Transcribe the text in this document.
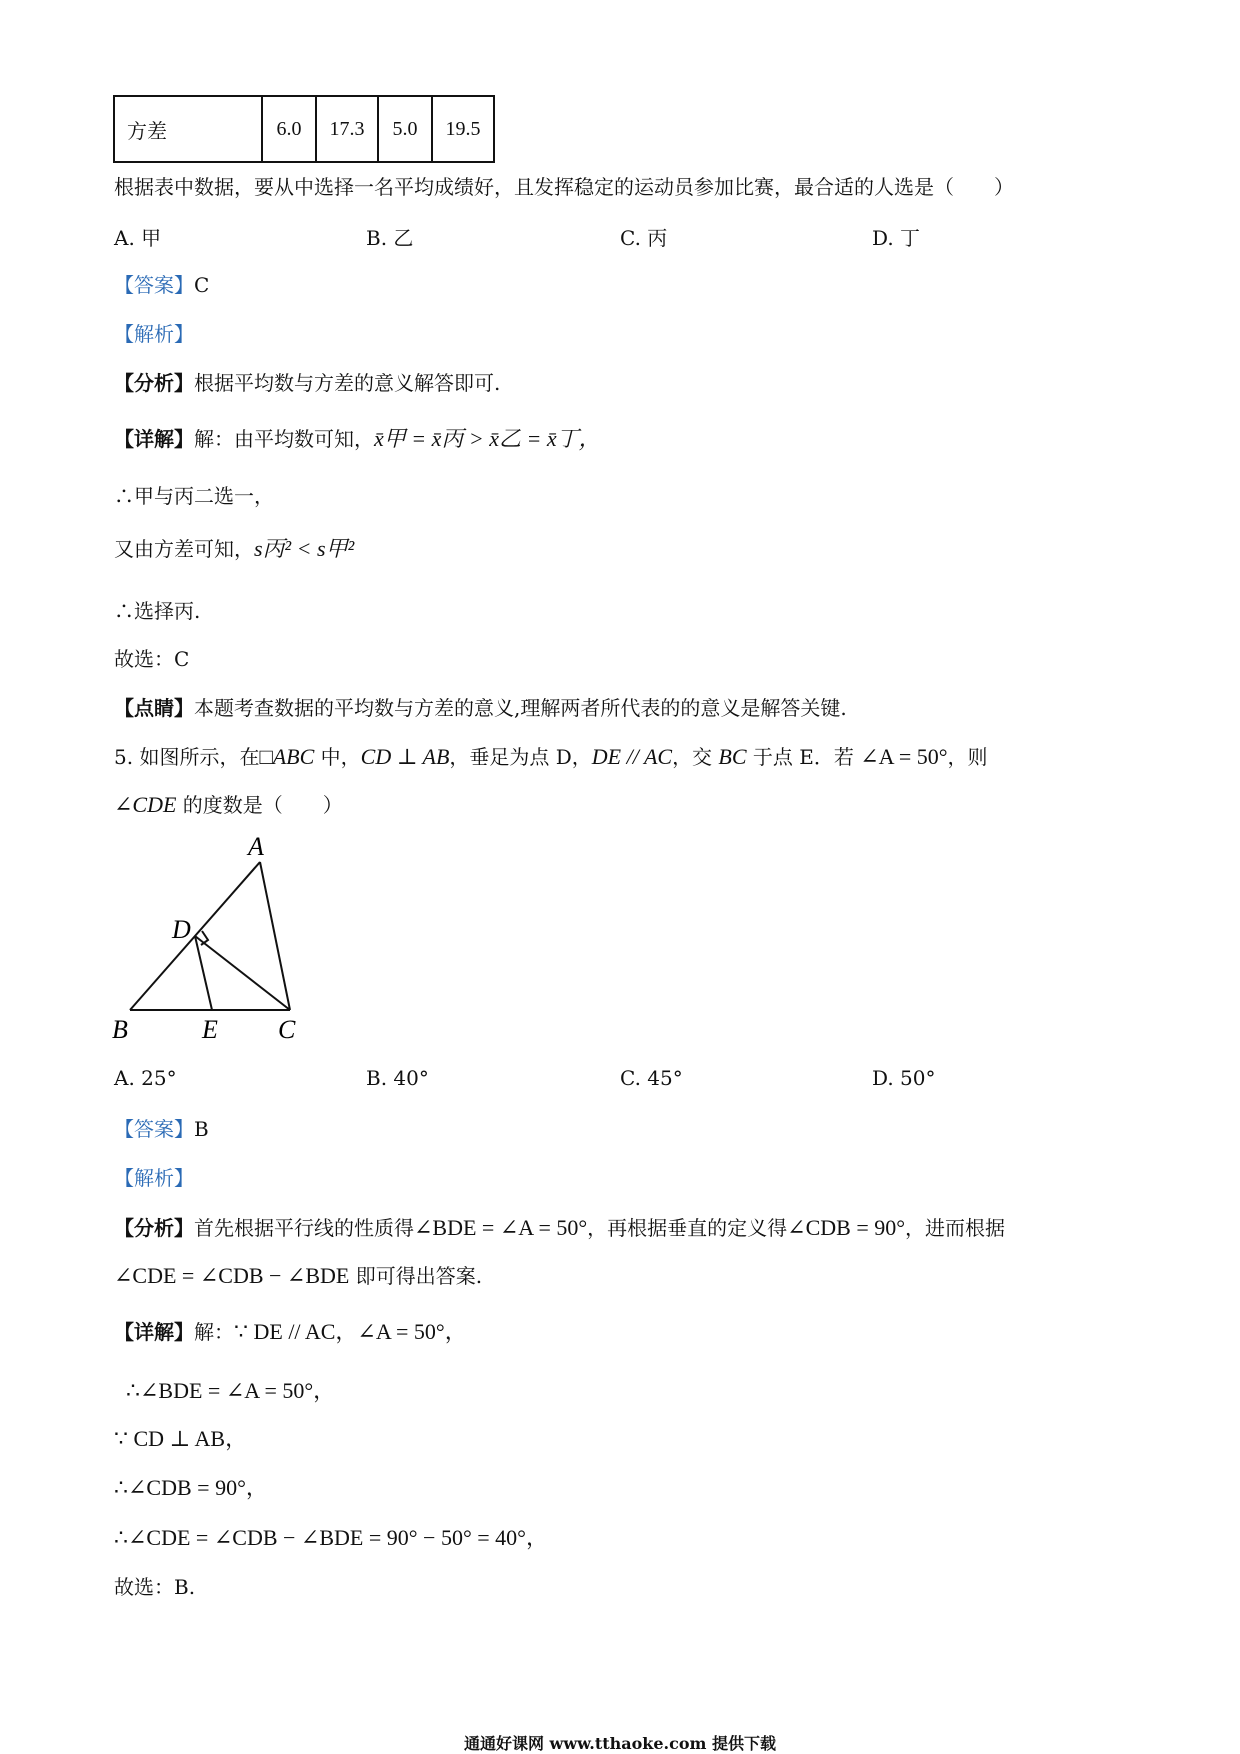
方差	6.0	17.3	5.0	19.5
根据表中数据，要从中选择一名平均成绩好，且发挥稳定的运动员参加比赛，最合适的人选是（　　）
A. 甲	B. 乙	C. 丙	D. 丁
【答案】C
【解析】
【分析】根据平均数与方差的意义解答即可.
【详解】解：由平均数可知，x̄甲 = x̄丙 > x̄乙 = x̄丁，
∴甲与丙二选一，
又由方差可知，s丙² < s甲²
∴选择丙.
故选：C
【点睛】本题考查数据的平均数与方差的意义,理解两者所代表的的意义是解答关键.
5. 如图所示，在□ABC 中，CD ⊥ AB，垂足为点 D，DE // AC，交 BC 于点 E．若 ∠A = 50°，则
∠CDE 的度数是（　　）
A
D
B	E C
A. 25°	B. 40°	C. 45°	D. 50°
【答案】B
【解析】
【分析】首先根据平行线的性质得∠BDE = ∠A = 50°，再根据垂直的定义得∠CDB = 90°，进而根据
∠CDE = ∠CDB − ∠BDE 即可得出答案.
【详解】解：∵ DE // AC，∠A = 50°，
∴∠BDE = ∠A = 50°，
∵ CD ⊥ AB，
∴∠CDB = 90°，
∴∠CDE = ∠CDB − ∠BDE = 90° − 50° = 40°，
故选：B.
通通好课网 www.tthaoke.com 提供下载
